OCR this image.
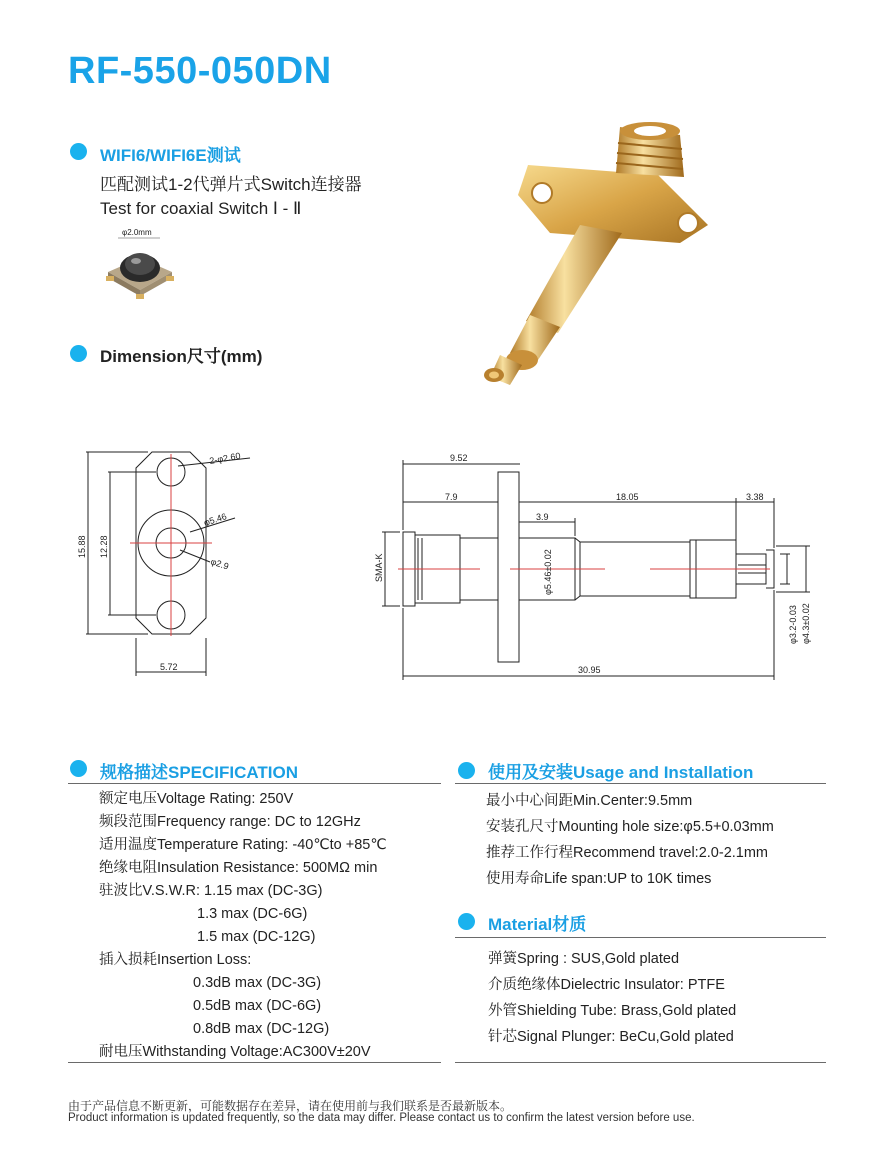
RF-550-050DN
WIFI6/WIFI6E测试
匹配测试1-2代弹片式Switch连接器
Test for coaxial Switch Ⅰ - Ⅱ
φ2.0mm
Dimension尺寸(mm)
2-φ2.60
φ5.46
φ2.9
15.88 12.28
5.72
9.52
7.9	18.05	3.38
3.9
φ5.46±0.02
SMA-K
φ3.2-0.03 φ4.3±0.02
30.95
规格描述SPECIFICATION
额定电压Voltage Rating: 250V
频段范围Frequency range: DC to 12GHz
适用温度Temperature Rating: -40℃to +85℃
绝缘电阻Insulation Resistance: 500MΩ min
驻波比V.S.W.R: 1.15 max (DC-3G)
1.3 max (DC-6G)
1.5 max (DC-12G)
插入损耗Insertion Loss:
0.3dB max (DC-3G)
0.5dB max (DC-6G)
0.8dB max (DC-12G)
耐电压Withstanding Voltage:AC300V±20V
使用及安装Usage and Installation
最小中心间距Min.Center:9.5mm
安装孔尺寸Mounting hole size:φ5.5+0.03mm
推荐工作行程Recommend travel:2.0-2.1mm
使用寿命Life span:UP to 10K times
Material材质
弹簧Spring : SUS,Gold plated
介质绝缘体Dielectric Insulator: PTFE
外管Shielding Tube: Brass,Gold plated
针芯Signal Plunger: BeCu,Gold plated
由于产品信息不断更新，可能数据存在差异，请在使用前与我们联系是否最新版本。
Product information is updated frequently, so the data may differ. Please contact us to confirm the latest version before use.
